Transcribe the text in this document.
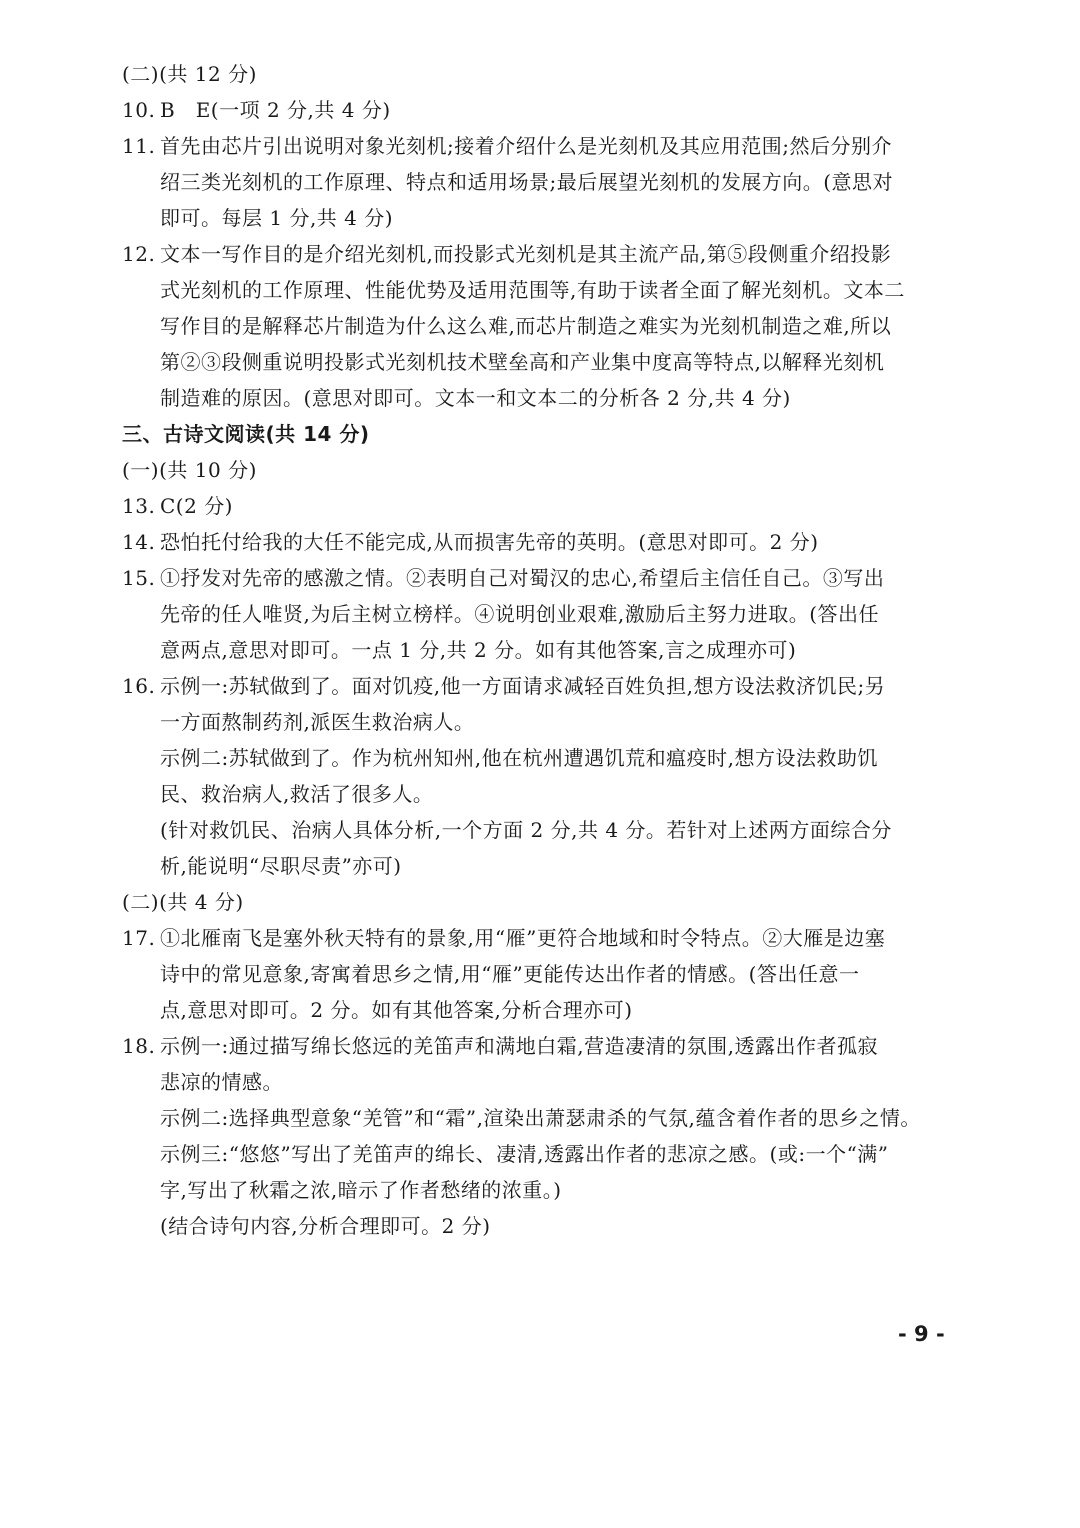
(二)(共 12 分)
10. B　E(一项 2 分,共 4 分)
11. 首先由芯片引出说明对象光刻机;接着介绍什么是光刻机及其应用范围;然后分别介
绍三类光刻机的工作原理、特点和适用场景;最后展望光刻机的发展方向。(意思对
即可。每层 1 分,共 4 分)
12. 文本一写作目的是介绍光刻机,而投影式光刻机是其主流产品,第⑤段侧重介绍投影
式光刻机的工作原理、性能优势及适用范围等,有助于读者全面了解光刻机。文本二
写作目的是解释芯片制造为什么这么难,而芯片制造之难实为光刻机制造之难,所以
第②③段侧重说明投影式光刻机技术壁垒高和产业集中度高等特点,以解释光刻机
制造难的原因。(意思对即可。文本一和文本二的分析各 2 分,共 4 分)
三、古诗文阅读(共 14 分)
(一)(共 10 分)
13. C(2 分)
14. 恐怕托付给我的大任不能完成,从而损害先帝的英明。(意思对即可。2 分)
15. ①抒发对先帝的感激之情。②表明自己对蜀汉的忠心,希望后主信任自己。③写出
先帝的任人唯贤,为后主树立榜样。④说明创业艰难,激励后主努力进取。(答出任
意两点,意思对即可。一点 1 分,共 2 分。如有其他答案,言之成理亦可)
16. 示例一:苏轼做到了。面对饥疫,他一方面请求减轻百姓负担,想方设法救济饥民;另
一方面熬制药剂,派医生救治病人。
示例二:苏轼做到了。作为杭州知州,他在杭州遭遇饥荒和瘟疫时,想方设法救助饥
民、救治病人,救活了很多人。
(针对救饥民、治病人具体分析,一个方面 2 分,共 4 分。若针对上述两方面综合分
析,能说明“尽职尽责”亦可)
(二)(共 4 分)
17. ①北雁南飞是塞外秋天特有的景象,用“雁”更符合地域和时令特点。②大雁是边塞
诗中的常见意象,寄寓着思乡之情,用“雁”更能传达出作者的情感。(答出任意一
点,意思对即可。2 分。如有其他答案,分析合理亦可)
18. 示例一:通过描写绵长悠远的羌笛声和满地白霜,营造凄清的氛围,透露出作者孤寂
悲凉的情感。
示例二:选择典型意象“羌管”和“霜”,渲染出萧瑟肃杀的气氛,蕴含着作者的思乡之情。
示例三:“悠悠”写出了羌笛声的绵长、凄清,透露出作者的悲凉之感。(或:一个“满”
字,写出了秋霜之浓,暗示了作者愁绪的浓重。)
(结合诗句内容,分析合理即可。2 分)
- 9 -
